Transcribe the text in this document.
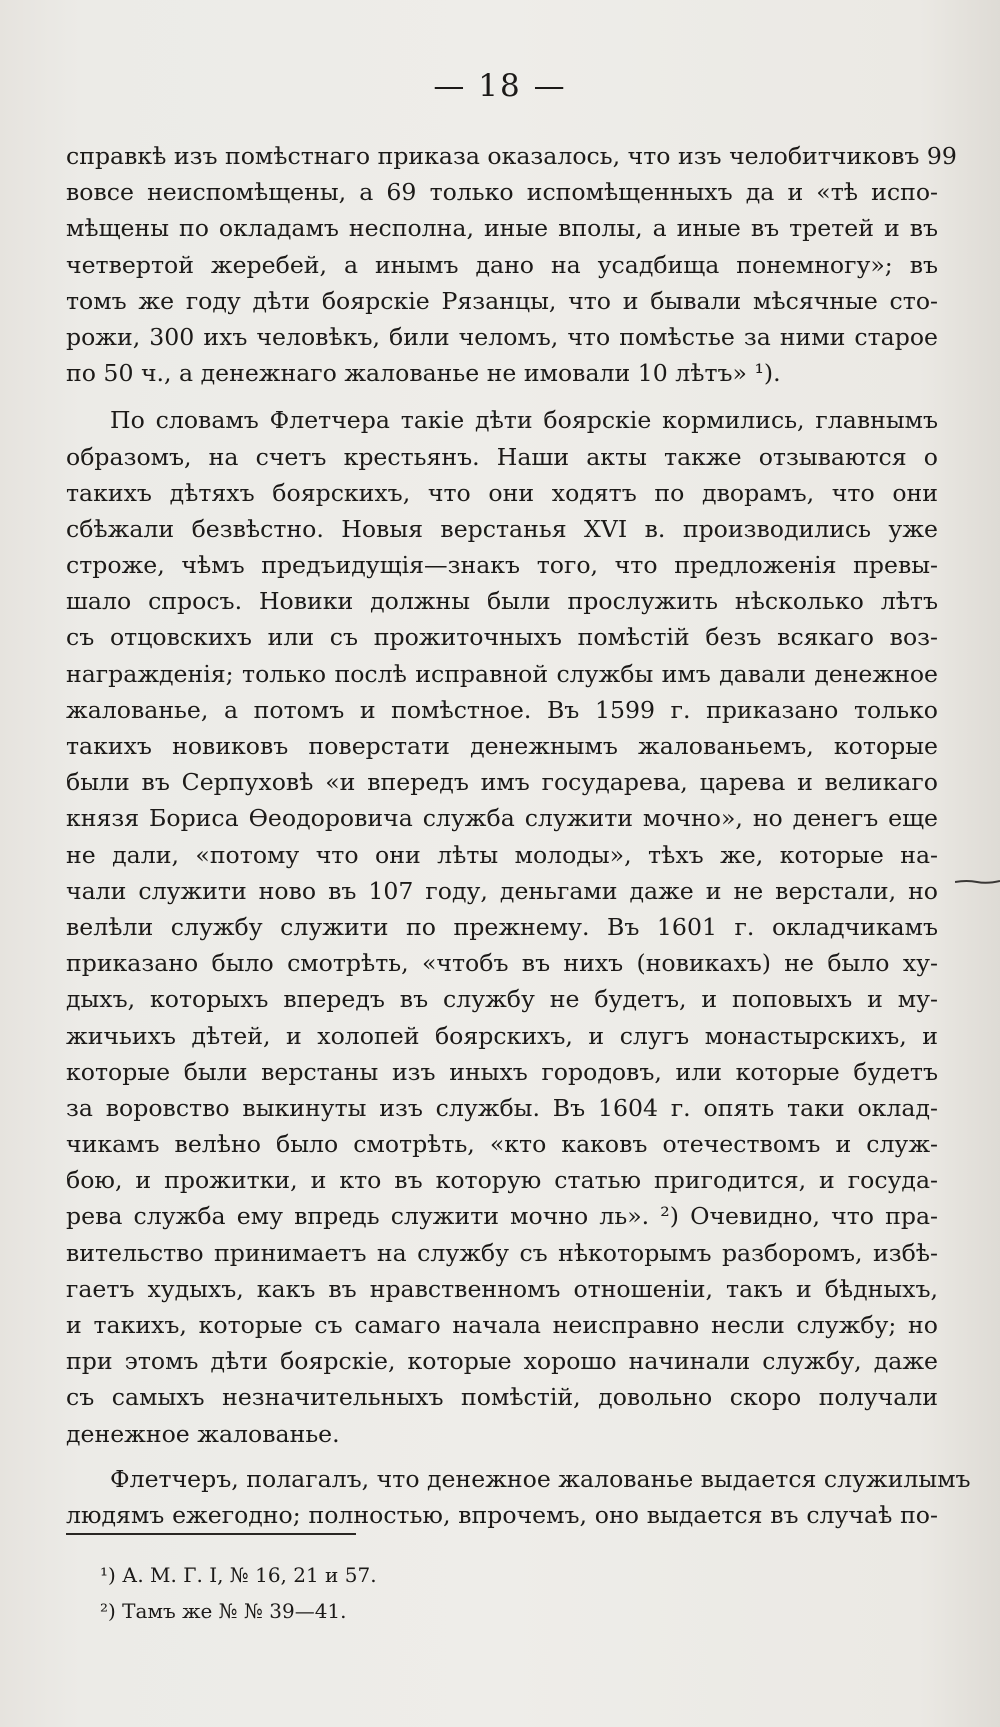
— 18 —
справкѣ изъ помѣстнаго приказа оказалось, что изъ челобитчиковъ 99
вовсе неиспомѣщены, а 69 только испомѣщенныхъ да и «тѣ испо-
мѣщены по окладамъ несполна, иные вполы, а иные въ третей и въ
четвертой жеребей, а инымъ дано на усадбища понемногу»; въ
томъ же году дѣти боярскіе Рязанцы, что и бывали мѣсячные сто-
рожи, 300 ихъ человѣкъ, били челомъ, что помѣстье за ними старое
по 50 ч., а денежнаго жалованье не имовали 10 лѣтъ» ¹).
По словамъ Флетчера такіе дѣти боярскіе кормились, главнымъ
образомъ, на счетъ крестьянъ. Наши акты также отзываются о
такихъ дѣтяхъ боярскихъ, что они ходятъ по дворамъ, что они
сбѣжали безвѣстно. Новыя верстанья XVI в. производились уже
строже, чѣмъ предъидущія—знакъ того, что предложенія превы-
шало спросъ. Новики должны были прослужить нѣсколько лѣтъ
съ отцовскихъ или съ прожиточныхъ помѣстій безъ всякаго воз-
награжденія; только послѣ исправной службы имъ давали денежное
жалованье, а потомъ и помѣстное. Въ 1599 г. приказано только
такихъ новиковъ поверстати денежнымъ жалованьемъ, которые
были въ Серпуховѣ «и впередъ имъ государева, царева и великаго
князя Бориса Ѳеодоровича служба служити мочно», но денегъ еще
не дали, «потому что они лѣты молоды», тѣхъ же, которые на-
чали служити ново въ 107 году, деньгами даже и не верстали, но
велѣли службу служити по прежнему. Въ 1601 г. окладчикамъ
приказано было смотрѣть, «чтобъ въ нихъ (новикахъ) не было ху-
дыхъ, которыхъ впередъ въ службу не будетъ, и поповыхъ и му-
жичьихъ дѣтей, и холопей боярскихъ, и слугъ монастырскихъ, и
которые были верстаны изъ иныхъ городовъ, или которые будетъ
за воровство выкинуты изъ службы. Въ 1604 г. опять таки оклад-
чикамъ велѣно было смотрѣть, «кто каковъ отечествомъ и служ-
бою, и прожитки, и кто въ которую статью пригодится, и госуда-
рева служба ему впредь служити мочно ль». ²) Очевидно, что пра-
вительство принимаетъ на службу съ нѣкоторымъ разборомъ, избѣ-
гаетъ худыхъ, какъ въ нравственномъ отношеніи, такъ и бѣдныхъ,
и такихъ, которые съ самаго начала неисправно несли службу; но
при этомъ дѣти боярскіе, которые хорошо начинали службу, даже
съ самыхъ незначительныхъ помѣстій, довольно скоро получали
денежное жалованье.
Флетчеръ, полагалъ, что денежное жалованье выдается служилымъ
людямъ ежегодно; полностью, впрочемъ, оно выдается въ случаѣ по-
¹) А. М. Г. I, № 16, 21 и 57.
²) Тамъ же № № 39—41.
